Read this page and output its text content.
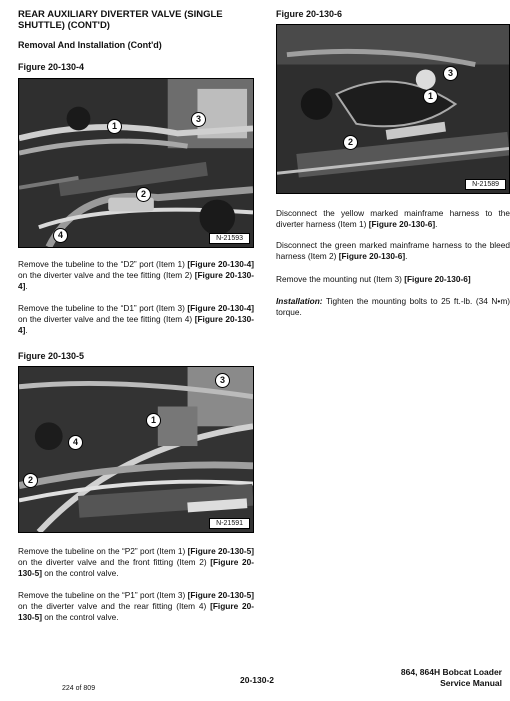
REAR AUXILIARY DIVERTER VALVE (SINGLE SHUTTLE) (CONT'D)
Removal And Installation (Cont'd)
Figure 20-130-4
1
3
2
4	N-21593
Remove the tubeline to the “D2” port (Item 1) [Figure 20-130-4] on the diverter valve and the tee fitting (Item 2) [Figure 20-130-4].
Remove the tubeline to the “D1” port (Item 3) [Figure 20-130-4] on the diverter valve and the tee fitting (Item 4) [Figure 20-130-4].
Figure 20-130-5
3
1
4
2
N-21591
Remove the tubeline on the “P2” port (Item 1) [Figure 20-130-5] on the diverter valve and the front fitting (Item 2) [Figure 20-130-5] on the control valve.
Remove the tubeline on the “P1” port (Item 3) [Figure 20-130-5] on the diverter valve and the rear fitting (Item 4) [Figure 20-130-5] on the control valve.
Figure 20-130-6
3
1
2
N-21589
Disconnect the yellow marked mainframe harness to the diverter harness (Item 1) [Figure 20-130-6].
Disconnect the green marked mainframe harness to the bleed harness (Item 2) [Figure 20-130-6].
Remove the mounting nut (Item 3) [Figure 20-130-6]
Installation: Tighten the mounting bolts to 25 ft.-lb. (34 N•m) torque.
224 of 809
20-130-2
864, 864H Bobcat Loader
Service Manual
